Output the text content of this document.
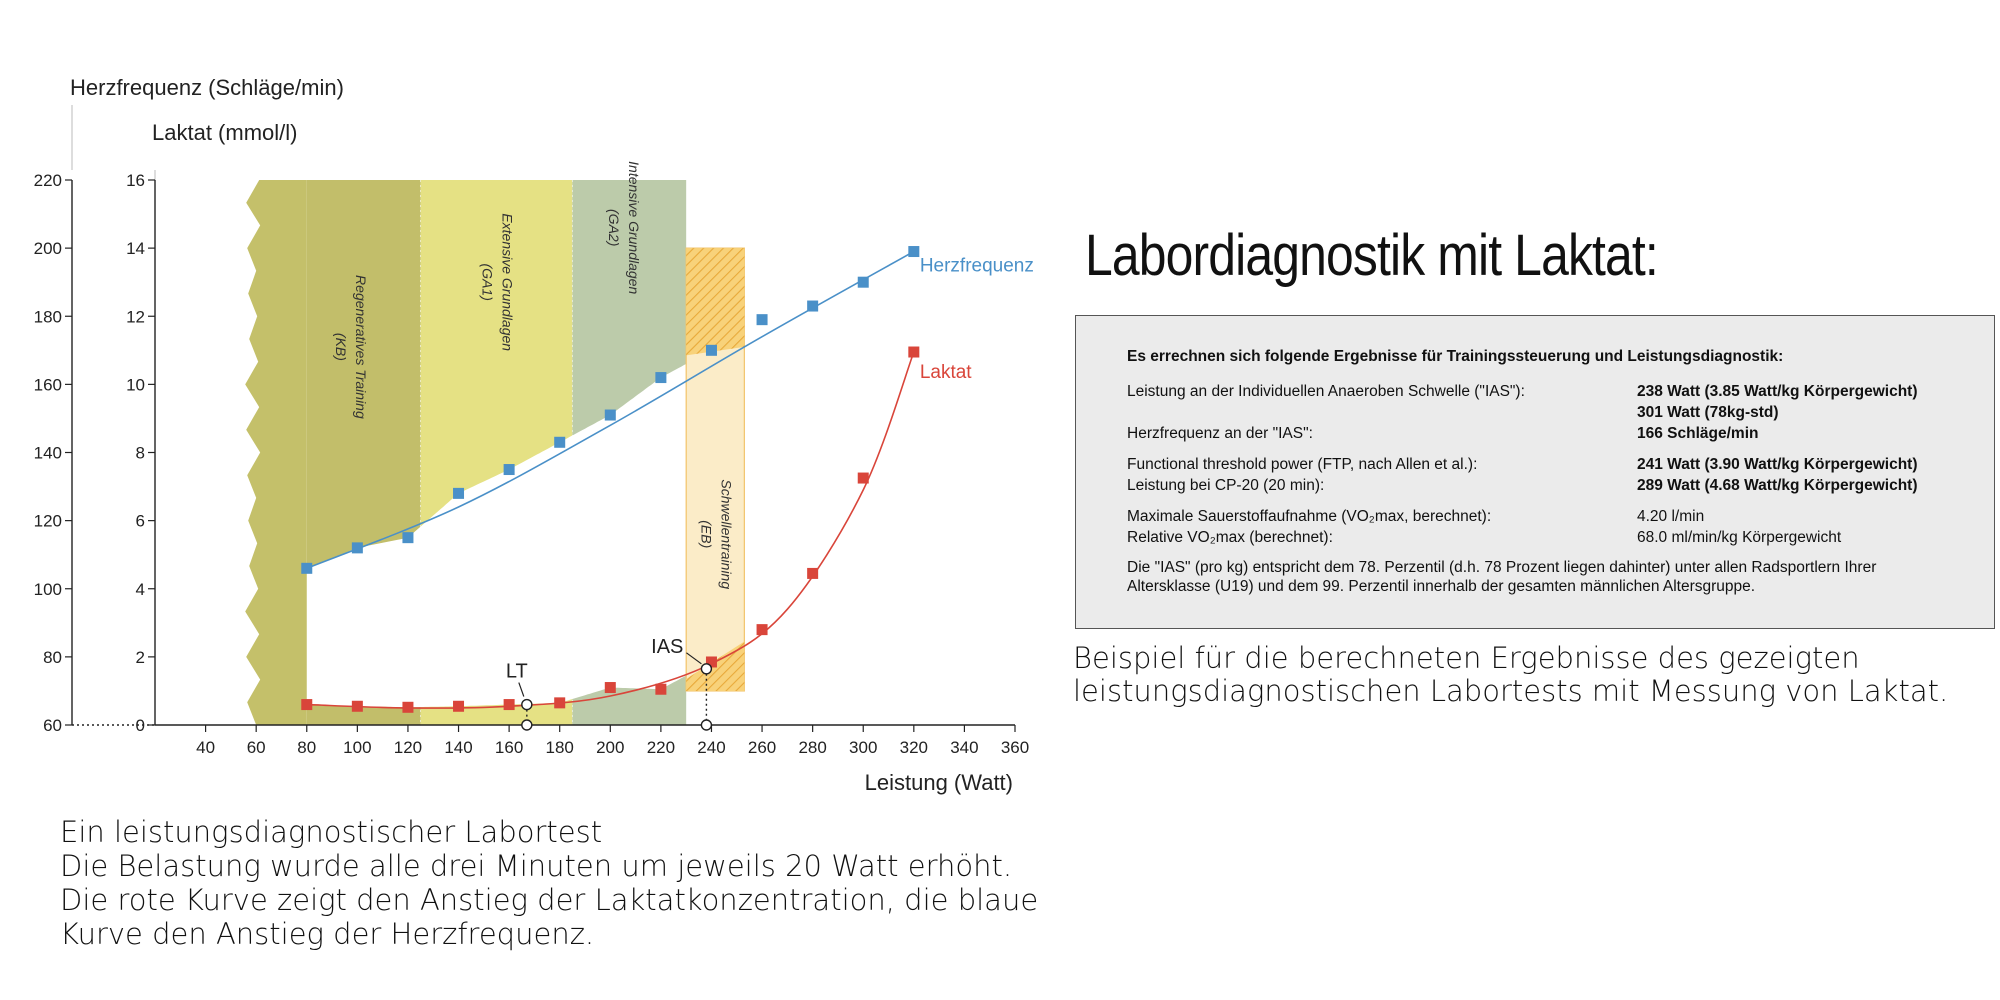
40 60 80 100 120 140 160 180 200 220 240 260 280 300 320 340 360
Leistung (Watt)
60
80
100
120
140
160
180
200
220
Herzfrequenz (Schläge/min)
0
2
4
6
8
10
12
14
16
Laktat (mmol/l)
LT
IAS
Herzfrequenz
Laktat
Regeneratives Training
(KB)	Extensive Grundlagen
(GA1)	Intensive Grundlagen
(GA2)
Schwellentraining
(EB)
Ein leistungsdiagnostischer Labortest
Die Belastung wurde alle drei Minuten um jeweils 20 Watt erhöht.
Die rote Kurve zeigt den Anstieg der Laktatkonzentration, die blaue
Kurve den Anstieg der Herzfrequenz.
Labordiagnostik mit Laktat:
Es errechnen sich folgende Ergebnisse für Trainingssteuerung und Leistungsdiagnostik:
Leistung an der Individuellen Anaeroben Schwelle ("IAS"):	238 Watt (3.85 Watt/kg Körpergewicht)
301 Watt (78kg-std)
Herzfrequenz an der "IAS":	166 Schläge/min
Functional threshold power (FTP, nach Allen et al.):	241 Watt (3.90 Watt/kg Körpergewicht)
Leistung bei CP-20 (20 min):	289 Watt (4.68 Watt/kg Körpergewicht)
Maximale Sauerstoffaufnahme (VO₂max, berechnet):	4.20 l/min
Relative VO₂max (berechnet):	68.0 ml/min/kg Körpergewicht
Die "IAS" (pro kg) entspricht dem 78. Perzentil (d.h. 78 Prozent liegen dahinter) unter allen Radsportlern Ihrer Altersklasse (U19) und dem 99. Perzentil innerhalb der gesamten männlichen Altersgruppe.
Beispiel für die berechneten Ergebnisse des gezeigten
leistungsdiagnostischen Labortests mit Messung von Laktat.
